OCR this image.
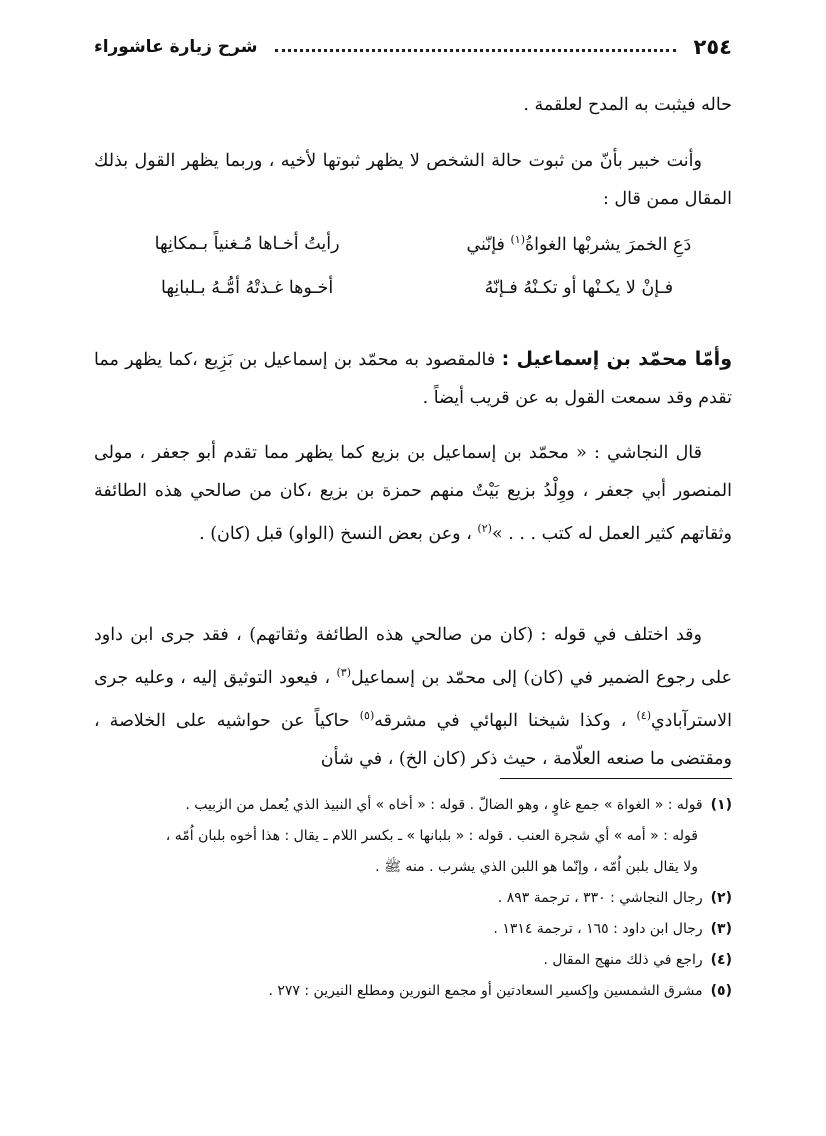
٢٥٤
شرح زيارة عاشوراء
حاله فيثبت به المدح لعلقمة .
وأنت خبير بأنّ من ثبوت حالة الشخص لا يظهر ثبوتها لأخيه ، وربما يظهر القول بذلك المقال ممن قال :
دَعِ الخمرَ يشربْها الغواةُ$^{(١)}$ فإنّني
رأيتُ أخـاها مُـغنياً بـمكانِها
فـإنْ لا يكـنْها أو تكـنْهُ فـإنّهُ
أخـوها غـذتْهُ أمُّـهُ بـلبانِها
وأمّا محمّد بن إسماعيل : فالمقصود به محمّد بن إسماعيل بن بَزِيع ،كما يظهر مما تقدم وقد سمعت القول به عن قريب أيضاً .
قال النجاشي : « محمّد بن إسماعيل بن بزيع كما يظهر مما تقدم أبو جعفر ، مولى المنصور أبي جعفر ، ووِلْدُ بزيع بَيْتٌ منهم حمزة بن بزيع ،كان من صالحي هذه الطائفة وثقاتهم كثير العمل له كتب . . . »$^{(٢)}$ ، وعن بعض النسخ (الواو) قبل (كان) .
وقد اختلف في قوله : (كان من صالحي هذه الطائفة وثقاتهم) ، فقد جرى ابن داود على رجوع الضمير في (كان) إلى محمّد بن إسماعيل$^{(٣)}$ ، فيعود التوثيق إليه ، وعليه جرى الاسترآبادي$^{(٤)}$ ، وكذا شيخنا البهائي في مشرقه$^{(٥)}$ حاكياً عن حواشيه على الخلاصة ، ومقتضى ما صنعه العلّامة ، حيث ذكر (كان الخ) ، في شأن
(١)قوله : « الغواة » جمع غاوٍ ، وهو الضالّ . قوله : « أخاه » أي النبيذ الذي يُعمل من الزبيب .
قوله : « أمه » أي شجرة العنب . قوله : « بلبانها » ـ بكسر اللام ـ يقال : هذا أخوه بلبان اُمّه ،
ولا يقال بلبن اُمّه ، وإنّما هو اللبن الذي يشرب . منه ﷺ .
(٢)رجال النجاشي : ٣٣٠ ، ترجمة ٨٩٣ .
(٣)رجال ابن داود : ١٦٥ ، ترجمة ١٣١٤ .
(٤)راجع في ذلك منهج المقال .
(٥)مشرق الشمسين وإكسير السعادتين أو مجمع النورين ومطلع النيرين : ٢٧٧ .
